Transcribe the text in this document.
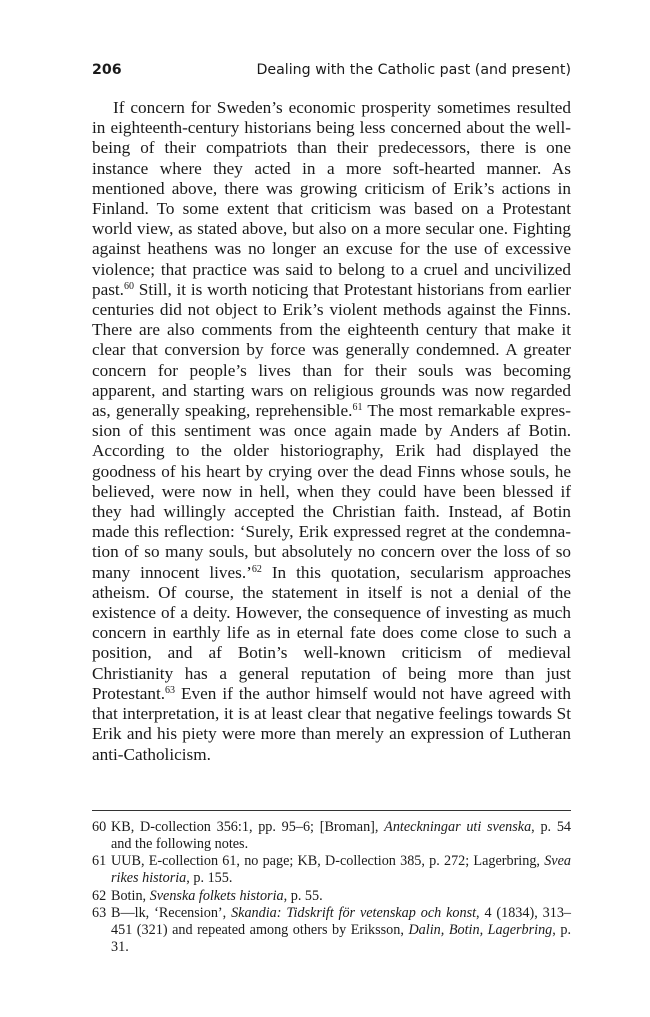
206	Dealing with the Catholic past (and present)

If concern for Sweden’s economic prosperity sometimes resulted in eighteenth-century historians being less concerned about the well-being of their compatriots than their predecessors, there is one instance where they acted in a more soft-hearted manner. As mentioned above, there was growing criticism of Erik’s actions in Finland. To some extent that criticism was based on a Protestant world view, as stated above, but also on a more secular one. Fighting against heathens was no longer an excuse for the use of excessive violence; that practice was said to belong to a cruel and uncivilized past.$^{60}$ Still, it is worth noticing that Protestant historians from earlier centuries did not object to Erik’s violent methods against the Finns. There are also comments from the eighteenth century that make it clear that conversion by force was generally condemned. A greater concern for people’s lives than for their souls was becoming apparent, and starting wars on religious grounds was now regarded as, generally speaking, reprehensible.$^{61}$ The most remarkable expression of this sentiment was once again made by Anders af Botin. According to the older historiography, Erik had displayed the goodness of his heart by crying over the dead Finns whose souls, he believed, were now in hell, when they could have been blessed if they had willingly accepted the Christian faith. Instead, af Botin made this reflection: ‘Surely, Erik expressed regret at the condemnation of so many souls, but absolutely no concern over the loss of so many innocent lives.’$^{62}$ In this quotation, secularism approaches atheism. Of course, the statement in itself is not a denial of the existence of a deity. However, the consequence of investing as much concern in earthly life as in eternal fate does come close to such a position, and af Botin’s well-known criticism of medieval Christianity has a general reputation of being more than just Protestant.$^{63}$ Even if the author himself would not have agreed with that interpretation, it is at least clear that negative feelings towards St Erik and his piety were more than merely an expression of Lutheran anti-Catholicism.

60 KB, D-collection 356:1, pp. 95–6; [Broman], Anteckningar uti svenska, p. 54 and the following notes.
61 UUB, E-collection 61, no page; KB, D-collection 385, p. 272; Lagerbring, Svea rikes historia, p. 155.
62 Botin, Svenska folkets historia, p. 55.
63 B—lk, ‘Recension’, Skandia: Tidskrift för vetenskap och konst, 4 (1834), 313–451 (321) and repeated among others by Eriksson, Dalin, Botin, Lagerbring, p. 31.
